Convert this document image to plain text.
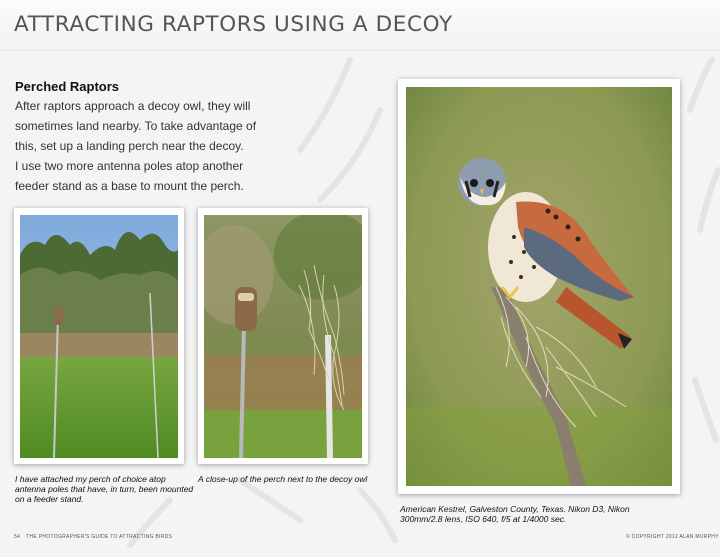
ATTRACTING RAPTORS USING A DECOY
Perched Raptors
After raptors approach a decoy owl, they will
sometimes land nearby. To take advantage of
this, set up a landing perch near the decoy.
I use two more antenna poles atop another
feeder stand as a base to mount the perch.
I have attached my perch of choice atop
antenna poles that have, in turn, been mounted
on a feeder stand.
A close-up of the perch next to the decoy owl
American Kestrel, Galveston County, Texas. Nikon D3, Nikon
300mm/2.8 lens, ISO 640, f/5 at 1/4000 sec.
54 THE PHOTOGRAPHER'S GUIDE TO ATTRACTING BIRDS	© COPYRIGHT 2012 ALAN MURPHY
